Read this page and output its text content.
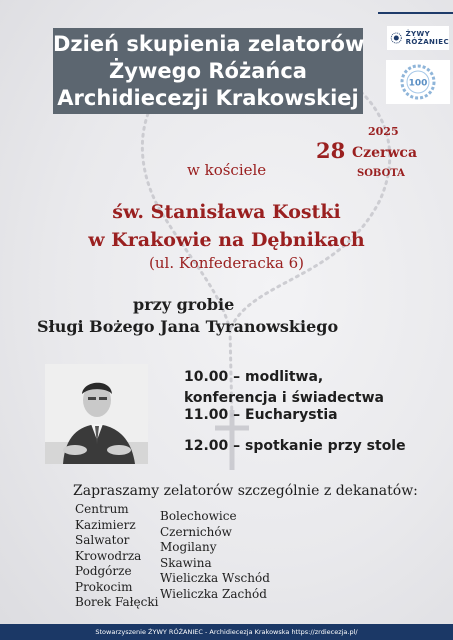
Dzień skupienia zelatorów
Żywego Różańca
Archidiecezji Krakowskiej
ŻYWY
RÓŻANIEC
100
2025
28 Czerwca
SOBOTA
w kościele
św. Stanisława Kostki
w Krakowie na Dębnikach
(ul. Konfederacka 6)
przy grobie
Sługi Bożego Jana Tyranowskiego
10.00 – modlitwa,
konferencja i świadectwa
11.00 – Eucharystia
12.00 – spotkanie przy stole
Zapraszamy zelatorów szczególnie z dekanatów:
Centrum
Kazimierz
Salwator
Krowodrza
Podgórze
Prokocim
Borek Fałęcki
Bolechowice
Czernichów
Mogilany
Skawina
Wieliczka Wschód
Wieliczka Zachód
Stowarzyszenie ŻYWY RÓŻANIEC - Archidiecezja Krakowska https://zrdiecezja.pl/
